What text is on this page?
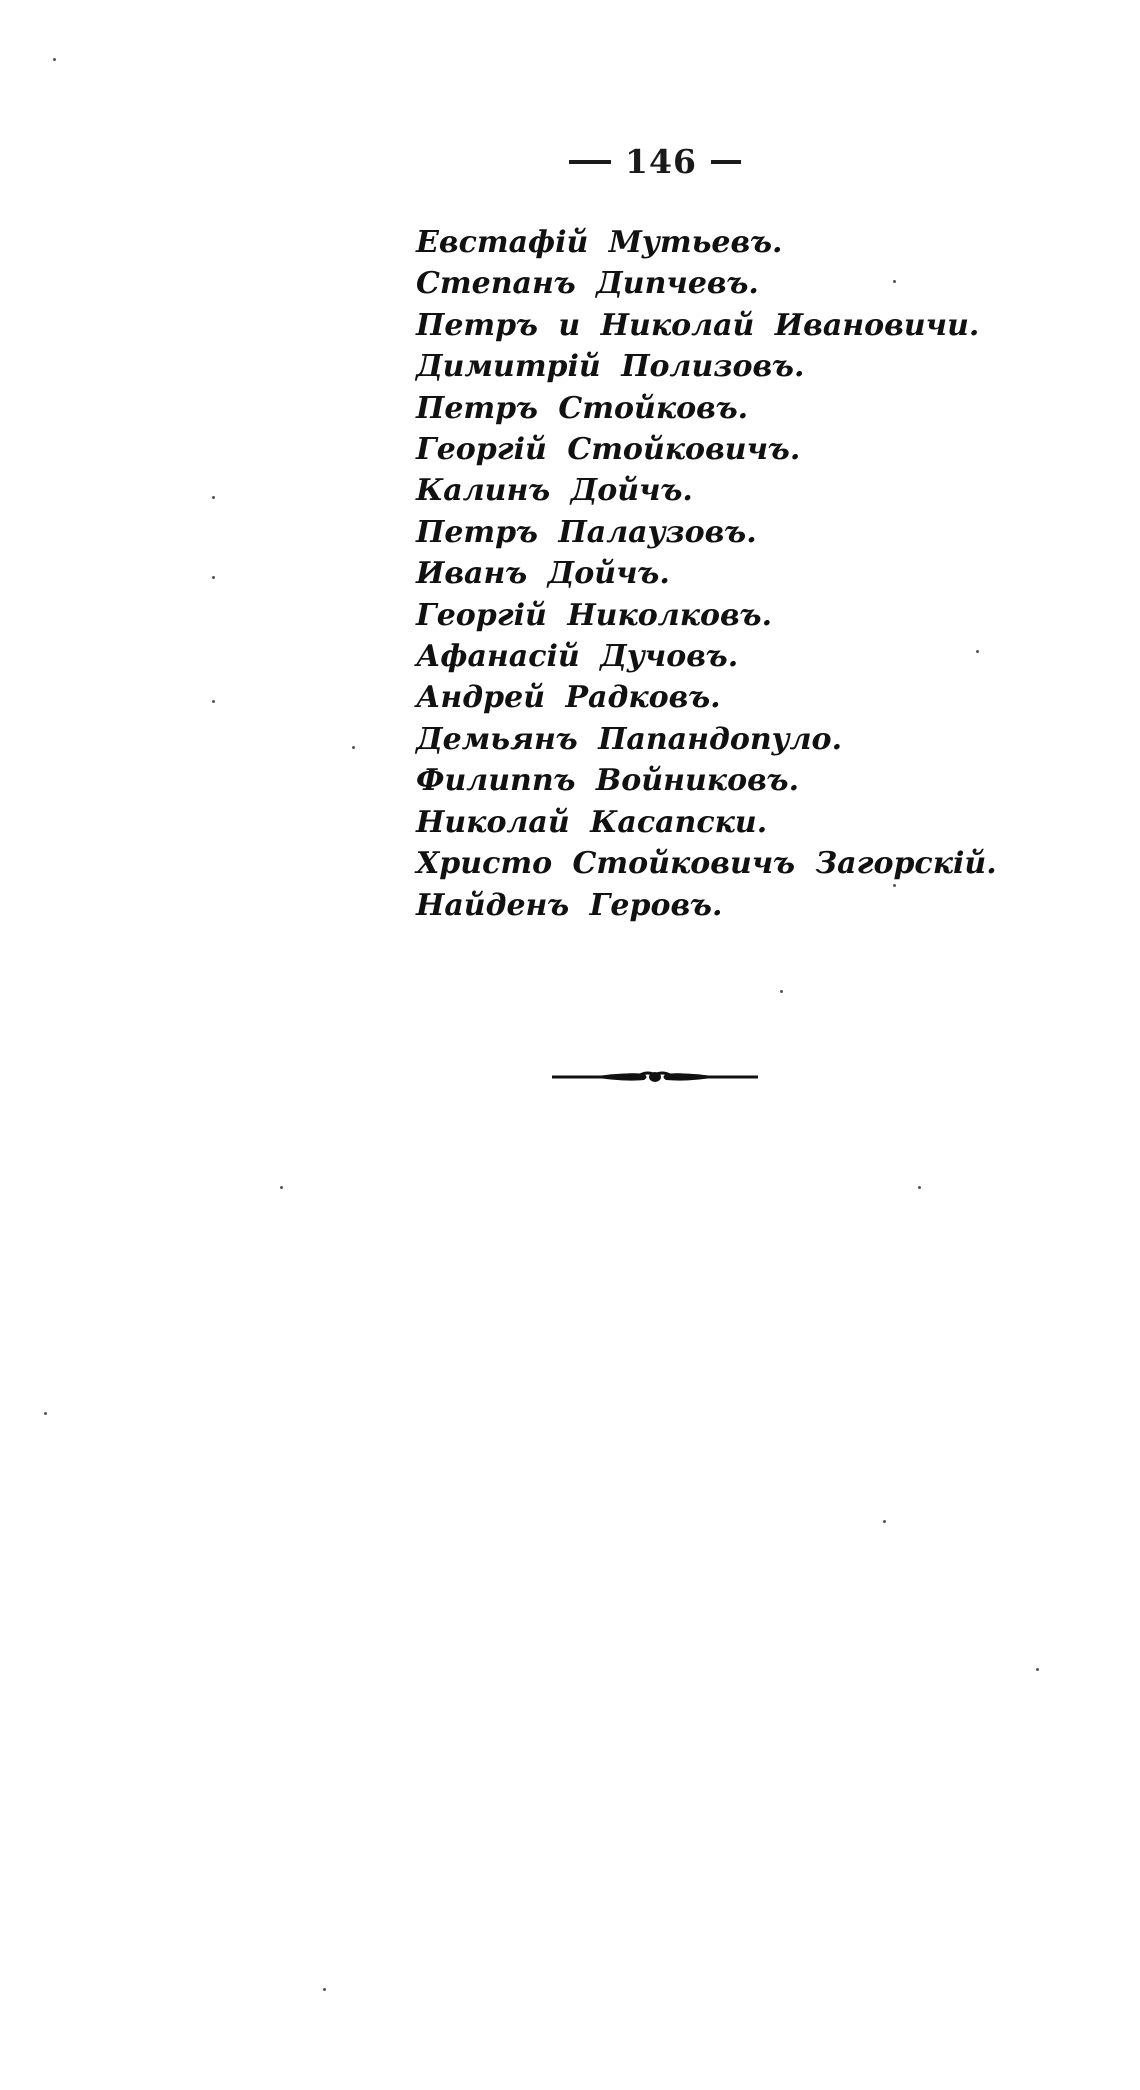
146
Евстафій Мутьевъ.
Степанъ Дипчевъ.
Петръ и Николай Ивановичи.
Димитрій Полизовъ.
Петръ Стойковъ.
Георгій Стойковичъ.
Калинъ Дойчъ.
Петръ Палаузовъ.
Иванъ Дойчъ.
Георгій Николковъ.
Афанасій Дучовъ.
Андрей Радковъ.
Демьянъ Папандопуло.
Филиппъ Войниковъ.
Николай Касапски.
Христо Стойковичъ Загорскій.
Найденъ Геровъ.
